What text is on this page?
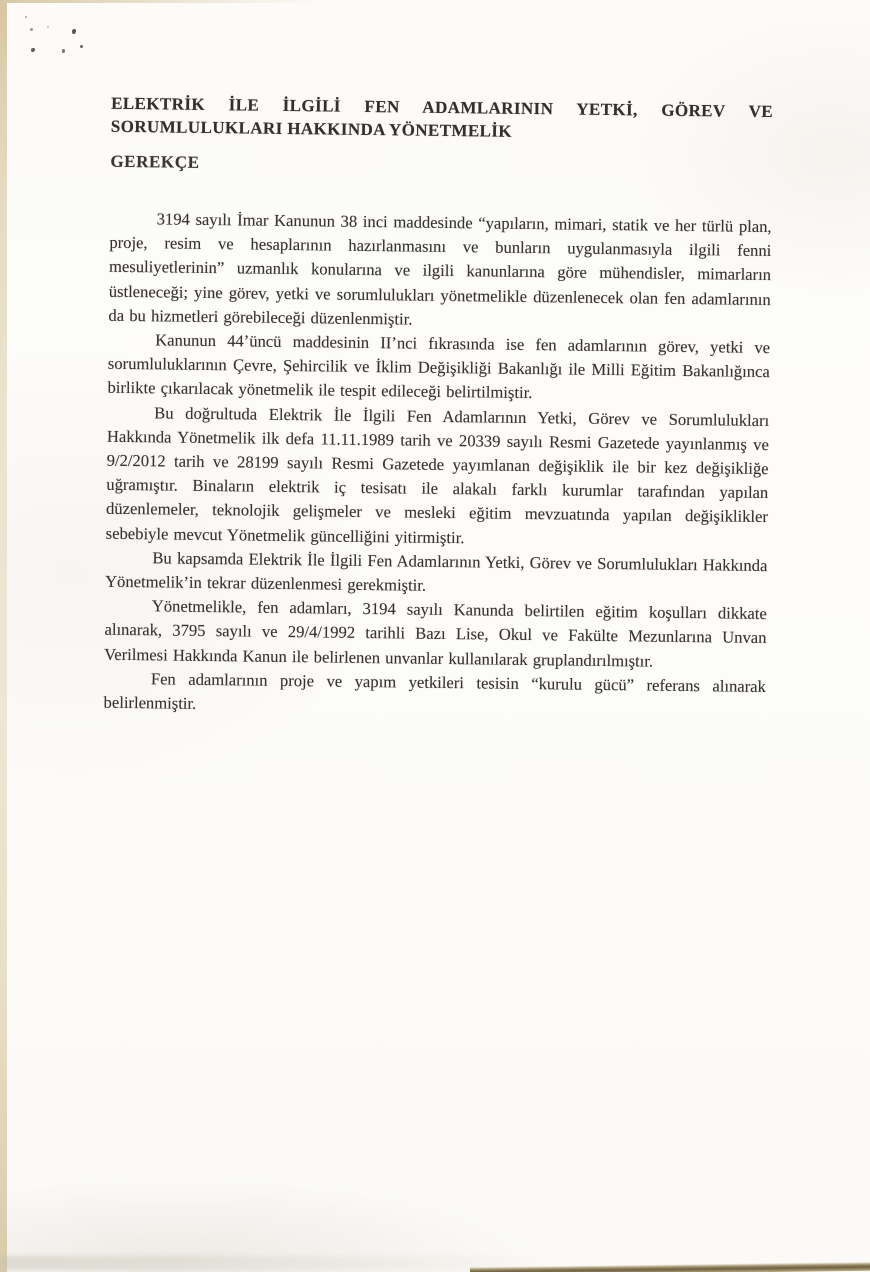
ELEKTRİK İLE İLGİLİ FEN ADAMLARININ YETKİ, GÖREV VE
SORUMLULUKLARI HAKKINDA YÖNETMELİK
GEREKÇE

3194 sayılı İmar Kanunun 38 inci maddesinde “yapıların, mimari, statik ve her türlü plan, proje, resim ve hesaplarının hazırlanmasını ve bunların uygulanmasıyla ilgili fenni mesuliyetlerinin” uzmanlık konularına ve ilgili kanunlarına göre mühendisler, mimarların üstleneceği; yine görev, yetki ve sorumlulukları yönetmelikle düzenlenecek olan fen adamlarının da bu hizmetleri görebileceği düzenlenmiştir.

Kanunun 44’üncü maddesinin II’nci fıkrasında ise fen adamlarının görev, yetki ve sorumluluklarının Çevre, Şehircilik ve İklim Değişikliği Bakanlığı ile Milli Eğitim Bakanlığınca birlikte çıkarılacak yönetmelik ile tespit edileceği belirtilmiştir.

Bu doğrultuda Elektrik İle İlgili Fen Adamlarının Yetki, Görev ve Sorumlulukları Hakkında Yönetmelik ilk defa 11.11.1989 tarih ve 20339 sayılı Resmi Gazetede yayınlanmış ve 9/2/2012 tarih ve 28199 sayılı Resmi Gazetede yayımlanan değişiklik ile bir kez değişikliğe uğramıştır. Binaların elektrik iç tesisatı ile alakalı farklı kurumlar tarafından yapılan düzenlemeler, teknolojik gelişmeler ve mesleki eğitim mevzuatında yapılan değişiklikler sebebiyle mevcut Yönetmelik güncelliğini yitirmiştir.

Bu kapsamda Elektrik İle İlgili Fen Adamlarının Yetki, Görev ve Sorumlulukları Hakkında Yönetmelik’in tekrar düzenlenmesi gerekmiştir.

Yönetmelikle, fen adamları, 3194 sayılı Kanunda belirtilen eğitim koşulları dikkate alınarak, 3795 sayılı ve 29/4/1992 tarihli Bazı Lise, Okul ve Fakülte Mezunlarına Unvan Verilmesi Hakkında Kanun ile belirlenen unvanlar kullanılarak gruplandırılmıştır.

Fen adamlarının proje ve yapım yetkileri tesisin “kurulu gücü” referans alınarak belirlenmiştir.
